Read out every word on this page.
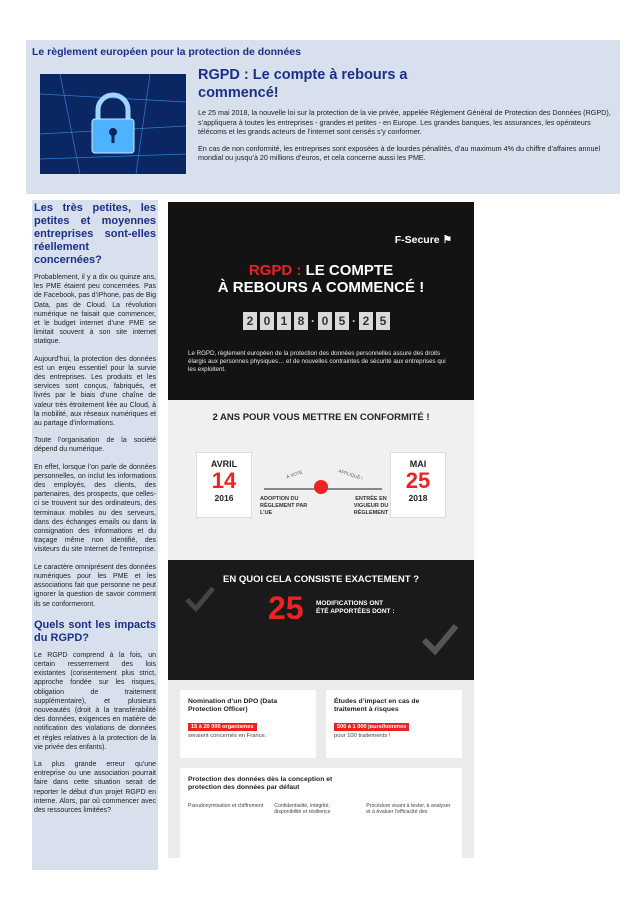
Le règlement européen pour la protection de données
RGPD : Le compte à rebours a commencé!

Le 25 mai 2018, la nouvelle loi sur la protection de la vie privée, appelée Règlement Général de Protection des Données (RGPD), s’appliquera à toutes les entreprises - grandes et petites - en Europe. Les grandes banques, les assurances, les opérateurs télécoms et les grands acteurs de l’internet sont censés s’y conformer.

En cas de non conformité, les entreprises sont exposées à de lourdes pénalités, d’au maximum 4% du chiffre d’affaires annuel mondial ou jusqu’à 20 millions d’euros, et cela concerne aussi les PME.

Les très petites, les petites et moyennes entreprises sont-elles réellement concernées?

Probablement, il y a dix ou quinze ans, les PME étaient peu concernées. Pas de Facebook, pas d’iPhone, pas de Big Data, pas de Cloud. La révolution numérique ne faisait que commencer, et le budget internet d’une PME se limitait souvent à son site internet statique.

Aujourd’hui, la protection des données est un enjeu essentiel pour la survie des entreprises. Les produits et les services sont conçus, fabriqués, et livrés par le biais d’une chaîne de valeur très étroitement liée au Cloud, à la mobilité, aux réseaux numériques et au partage d’informations.

Toute l’organisation de la société dépend du numérique.

En effet, lorsque l’on parle de données personnelles, on inclut les informations des employés, des clients, des partenaires, des prospects, que celles-ci se trouvent sur des ordinateurs, des terminaux mobiles ou des serveurs, dans des échanges emails ou dans la consignation des informations et du traçage même non identifié, des visiteurs du site Internet de l’entreprise.

Le caractère omniprésent des données numériques pour les PME et les associations fait que personne ne peut ignorer la question de savoir comment ils se conformeront.

Quels sont les impacts du RGPD?

Le RGPD comprend à la fois, un certain resserrement des lois existantes (consentement plus strict, approche fondée sur les risques, obligation de traitement supplémentaire), et plusieurs nouveautés (droit à la transférabilité des données, exigences en matière de notification des violations de données et règles relatives à la protection de la vie privée des enfants).

La plus grande erreur qu’une entreprise ou une association pourrait faire dans cette situation serait de reporter le début d’un projet RGPD en interne. Alors, par où commencer avec des ressources limitées?

F-Secure ⚑
RGPD : LE COMPTE
À REBOURS A COMMENCÉ !
2 0 1 8 · 0 5 · 2 5
Le RGPD, règlement européen de la protection des données personnelles assure des droits élargis aux personnes physiques… et de nouvelles contraintes de sécurité aux entreprises qui les exploitent.
2 ANS POUR VOUS METTRE EN CONFORMITÉ !
AVRIL
14
2016
À VOTÉ	APPLIQUÉ !
ADOPTION DU RÈGLEMENT PAR L’UE
ENTRÉE EN VIGUEUR DU RÈGLEMENT
MAI
25
2018
EN QUOI CELA CONSISTE EXACTEMENT ?
25 MODIFICATIONS ONT ÉTÉ APPORTÉES DONT :
Nomination d’un DPO (Data Protection Officer)
15 à 20 000 organismes
seraient concernés en France.
Études d’impact en cas de traitement à risques
500 à 1 000 jours/hommes
pour 100 traitements !
Protection des données dès la conception et protection des données par défaut
Pseudonymisation et chiffrement Confidentialité, intégrité, disponibilité et résilience
Procédure visant à tester, à analyser et à évaluer l’efficacité des
